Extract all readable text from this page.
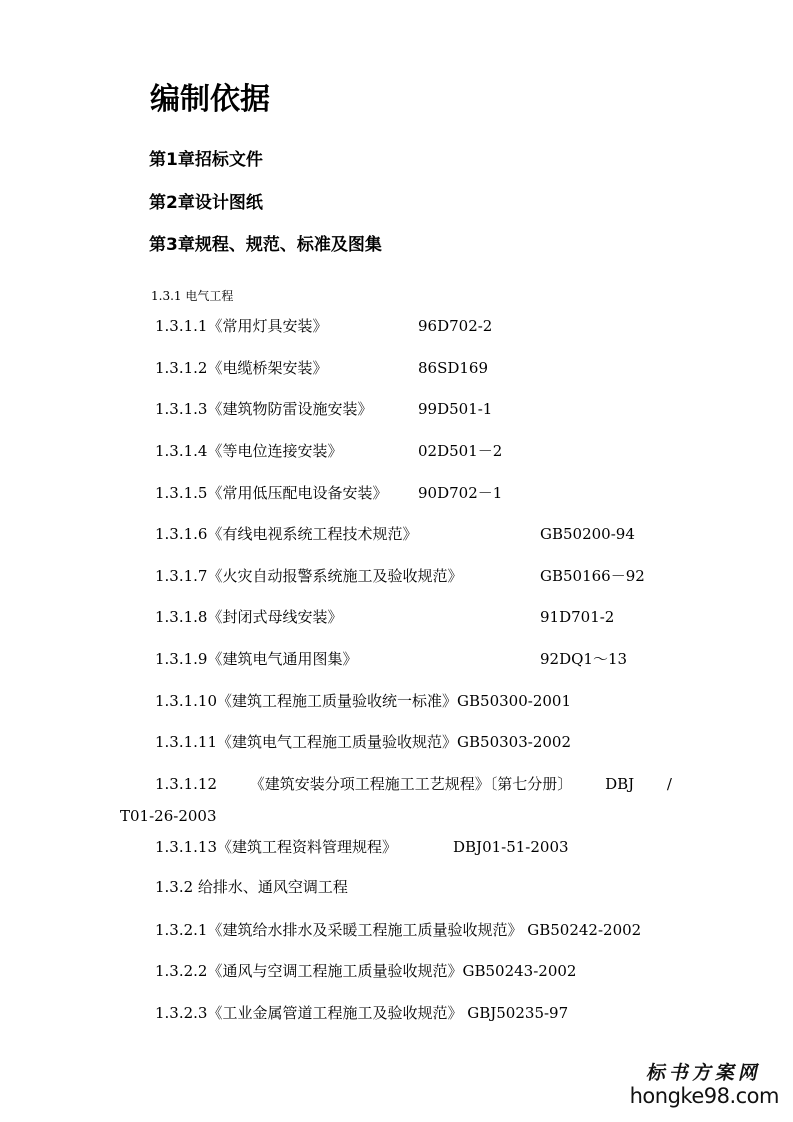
编制依据
第1章招标文件
第2章设计图纸
第3章规程、规范、标准及图集
1.3.1 电气工程
1.3.1.1《常用灯具安装》	96D702-2
1.3.1.2《电缆桥架安装》	86SD169
1.3.1.3《建筑物防雷设施安装》	99D501-1
1.3.1.4《等电位连接安装》	02D501－2
1.3.1.5《常用低压配电设备安装》 90D702－1
1.3.1.6《有线电视系统工程技术规范》	GB50200-94
1.3.1.7《火灾自动报警系统施工及验收规范》	GB50166－92
1.3.1.8《封闭式母线安装》	91D701-2
1.3.1.9《建筑电气通用图集》	92DQ1～13
1.3.1.10《建筑工程施工质量验收统一标准》GB50300-2001
1.3.1.11《建筑电气工程施工质量验收规范》GB50303-2002
1.3.1.12 《建筑安装分项工程施工工艺规程》〔第七分册〕 DBJ /
T01-26-2003
1.3.1.13《建筑工程资料管理规程》	DBJ01-51-2003
1.3.2 给排水、通风空调工程
1.3.2.1《建筑给水排水及采暖工程施工质量验收规范》 GB50242-2002
1.3.2.2《通风与空调工程施工质量验收规范》GB50243-2002
1.3.2.3《工业金属管道工程施工及验收规范》 GBJ50235-97
标书方案网
hongke98.com
